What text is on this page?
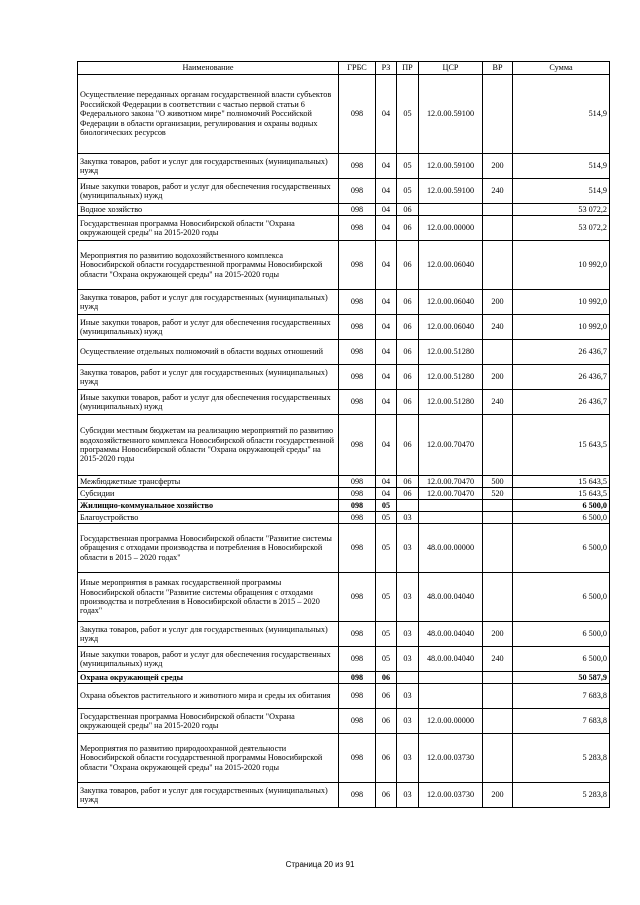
Наименование	ГРБС	РЗ	ПР	ЦСР	ВР	Сумма
Осуществление переданных органам государственной власти субъектов Российской Федерации в соответствии с частью первой статьи 6 Федерального закона "О животном мире" полномочий Российской Федерации в области организации, регулирования и охраны водных биологических ресурсов	098	04	05	12.0.00.59100		514,9
Закупка товаров, работ и услуг для государственных (муниципальных) нужд	098	04	05	12.0.00.59100	200	514,9
Иные закупки товаров, работ и услуг для обеспечения государственных (муниципальных) нужд	098	04	05	12.0.00.59100	240	514,9
Водное хозяйство	098	04	06			53 072,2
Государственная программа Новосибирской области "Охрана окружающей среды" на 2015-2020 годы	098	04	06	12.0.00.00000		53 072,2
Мероприятия по развитию водохозяйственного комплекса Новосибирской области государственной программы Новосибирской области "Охрана окружающей среды" на 2015-2020 годы	098	04	06	12.0.00.06040		10 992,0
Закупка товаров, работ и услуг для государственных (муниципальных) нужд	098	04	06	12.0.00.06040	200	10 992,0
Иные закупки товаров, работ и услуг для обеспечения государственных (муниципальных) нужд	098	04	06	12.0.00.06040	240	10 992,0
Осуществление отдельных полномочий в области водных отношений	098	04	06	12.0.00.51280		26 436,7
Закупка товаров, работ и услуг для государственных (муниципальных) нужд	098	04	06	12.0.00.51280	200	26 436,7
Иные закупки товаров, работ и услуг для обеспечения государственных (муниципальных) нужд	098	04	06	12.0.00.51280	240	26 436,7
Субсидии местным бюджетам на реализацию мероприятий по развитию водохозяйственного комплекса Новосибирской области государственной программы Новосибирской области "Охрана окружающей среды" на 2015-2020 годы	098	04	06	12.0.00.70470		15 643,5
Межбюджетные трансферты	098	04	06	12.0.00.70470	500	15 643,5
Субсидии	098	04	06	12.0.00.70470	520	15 643,5
Жилищно-коммунальное хозяйство	098	05				6 500,0
Благоустройство	098	05	03			6 500,0
Государственная программа Новосибирской области "Развитие системы обращения с отходами производства и потребления в Новосибирской области в 2015 – 2020 годах"	098	05	03	48.0.00.00000		6 500,0
Иные мероприятия в рамках государственной программы Новосибирской области "Развитие системы обращения с отходами производства и потребления в Новосибирской области в 2015 – 2020 годах"	098	05	03	48.0.00.04040		6 500,0
Закупка товаров, работ и услуг для государственных (муниципальных) нужд	098	05	03	48.0.00.04040	200	6 500,0
Иные закупки товаров, работ и услуг для обеспечения государственных (муниципальных) нужд	098	05	03	48.0.00.04040	240	6 500,0
Охрана окружающей среды	098	06				50 587,9
Охрана объектов растительного и животного мира и среды их обитания	098	06	03			7 683,8
Государственная программа Новосибирской области "Охрана окружающей среды" на 2015-2020 годы	098	06	03	12.0.00.00000		7 683,8
Мероприятия по развитию природоохранной деятельности Новосибирской области государственной программы Новосибирской области "Охрана окружающей среды" на 2015-2020 годы	098	06	03	12.0.00.03730		5 283,8
Закупка товаров, работ и услуг для государственных (муниципальных) нужд	098	06	03	12.0.00.03730	200	5 283,8
Страница 20 из 91
